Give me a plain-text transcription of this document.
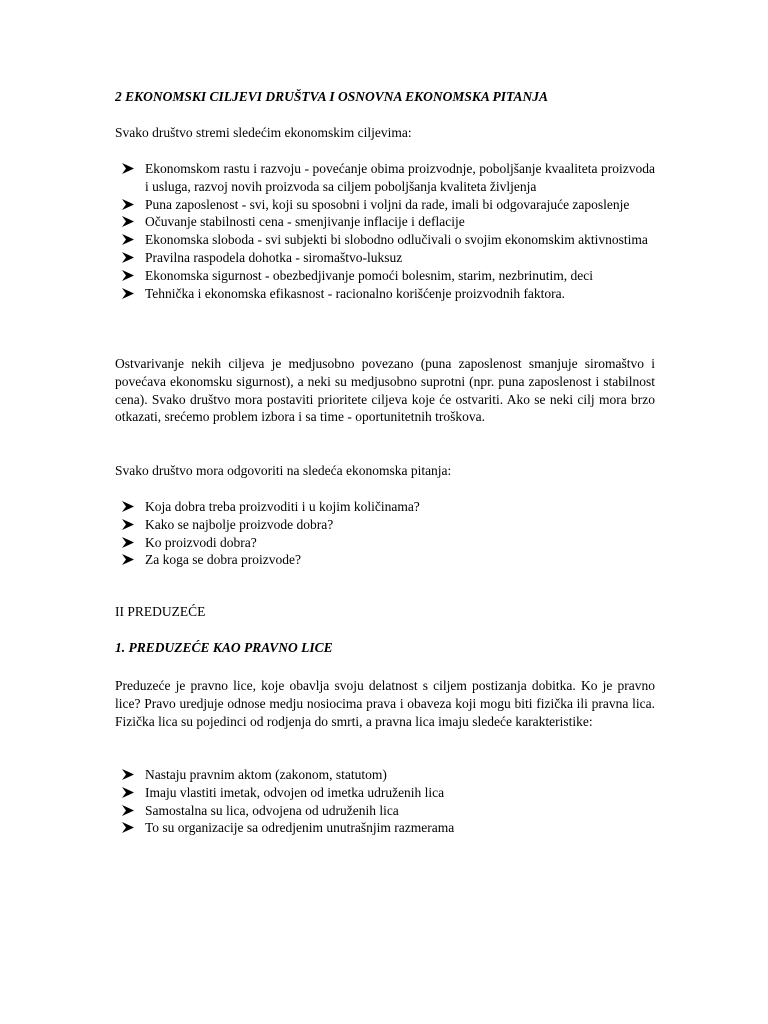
2 EKONOMSKI CILJEVI DRUŠTVA I OSNOVNA EKONOMSKA PITANJA

Svako društvo stremi sledećim ekonomskim ciljevima:

Ekonomskom rastu i razvoju - povećanje obima proizvodnje, poboljšanje kvaaliteta proizvoda i usluga, razvoj novih proizvoda sa ciljem poboljšanja kvaliteta življenja
Puna zaposlenost - svi, koji su sposobni i voljni da rade, imali bi odgovarajuće zaposlenje
Očuvanje stabilnosti cena - smenjivanje inflacije i deflacije
Ekonomska sloboda - svi subjekti bi slobodno odlučivali o svojim ekonomskim aktivnostima
Pravilna raspodela dohotka - siromaštvo-luksuz
Ekonomska sigurnost - obezbedjivanje pomoći bolesnim, starim, nezbrinutim, deci
Tehnička i ekonomska efikasnost - racionalno korišćenje proizvodnih faktora.

Ostvarivanje nekih ciljeva je medjusobno povezano (puna zaposlenost smanjuje siromaštvo i povećava ekonomsku sigurnost), a neki su medjusobno suprotni (npr. puna zaposlenost i stabilnost cena). Svako društvo mora postaviti prioritete ciljeva koje će ostvariti. Ako se neki cilj mora brzo otkazati, srećemo problem izbora i sa time - oportunitetnih troškova.

Svako društvo mora odgovoriti na sledeća ekonomska pitanja:

Koja dobra treba proizvoditi i u kojim količinama?
Kako se najbolje proizvode dobra?
Ko proizvodi dobra?
Za koga se dobra proizvode?

II PREDUZEĆE

1. PREDUZEĆE KAO PRAVNO LICE

Preduzeće je pravno lice, koje obavlja svoju delatnost s ciljem postizanja dobitka. Ko je pravno lice? Pravo uredjuje odnose medju nosiocima prava i obaveza koji mogu biti fizička ili pravna lica. Fizička lica su pojedinci od rodjenja do smrti, a pravna lica imaju sledeće karakteristike:

Nastaju pravnim aktom (zakonom, statutom)
Imaju vlastiti imetak, odvojen od imetka udruženih lica
Samostalna su lica, odvojena od udruženih lica
To su organizacije sa odredjenim unutrašnjim razmerama
